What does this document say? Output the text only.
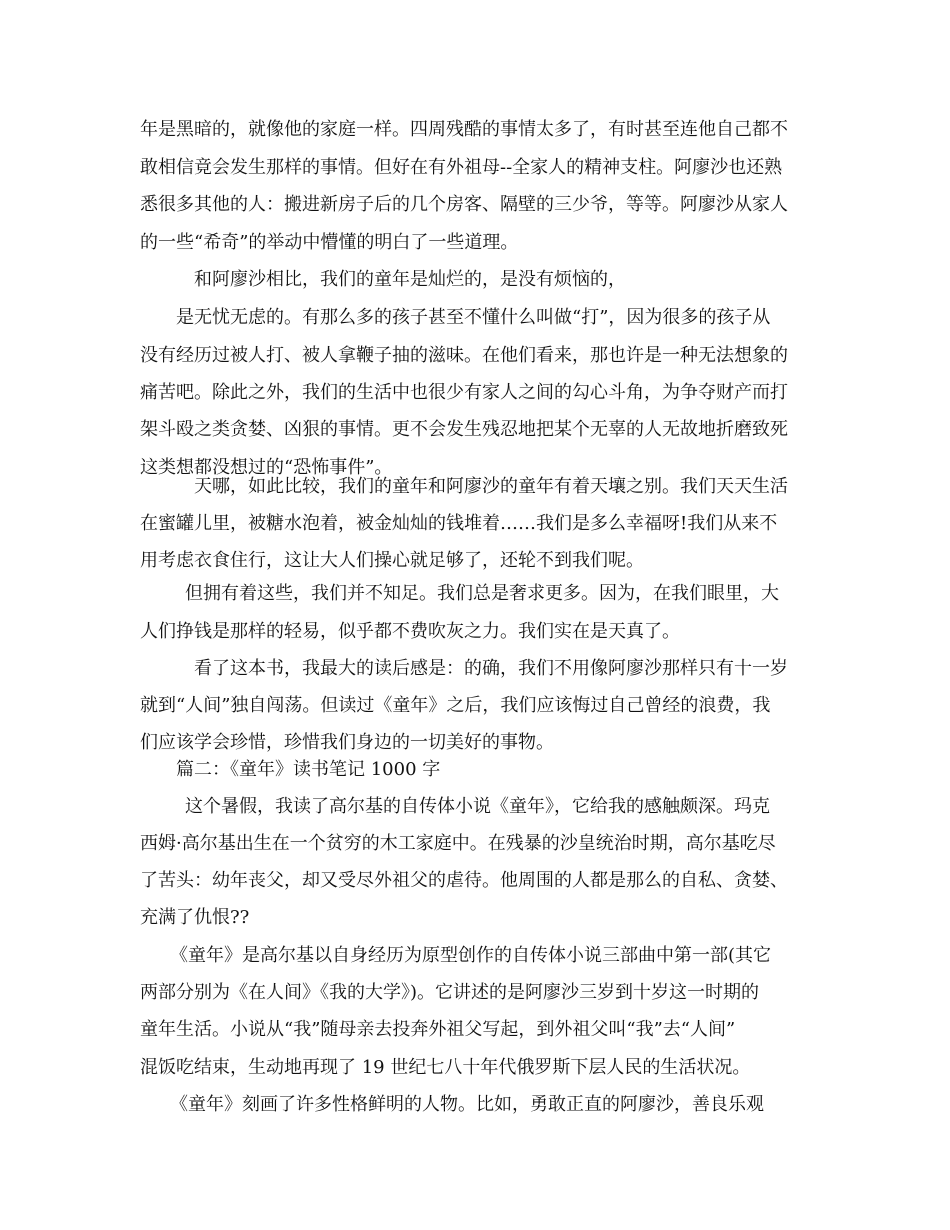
年是黑暗的，就像他的家庭一样。四周残酷的事情太多了，有时甚至连他自己都不
敢相信竟会发生那样的事情。但好在有外祖母--全家人的精神支柱。阿廖沙也还熟
悉很多其他的人：搬进新房子后的几个房客、隔壁的三少爷，等等。阿廖沙从家人
的一些“希奇”的举动中懵懂的明白了一些道理。
和阿廖沙相比，我们的童年是灿烂的，是没有烦恼的，
是无忧无虑的。有那么多的孩子甚至不懂什么叫做“打”，因为很多的孩子从
没有经历过被人打、被人拿鞭子抽的滋味。在他们看来，那也许是一种无法想象的
痛苦吧。除此之外，我们的生活中也很少有家人之间的勾心斗角，为争夺财产而打
架斗殴之类贪婪、凶狠的事情。更不会发生残忍地把某个无辜的人无故地折磨致死
这类想都没想过的“恐怖事件”。
天哪，如此比较，我们的童年和阿廖沙的童年有着天壤之别。我们天天生活
在蜜罐儿里，被糖水泡着，被金灿灿的钱堆着……我们是多么幸福呀!我们从来不
用考虑衣食住行，这让大人们操心就足够了，还轮不到我们呢。
但拥有着这些，我们并不知足。我们总是奢求更多。因为，在我们眼里，大
人们挣钱是那样的轻易，似乎都不费吹灰之力。我们实在是天真了。
看了这本书，我最大的读后感是：的确，我们不用像阿廖沙那样只有十一岁
就到“人间”独自闯荡。但读过《童年》之后，我们应该悔过自己曾经的浪费，我
们应该学会珍惜，珍惜我们身边的一切美好的事物。
篇二：《童年》读书笔记 1000 字
这个暑假，我读了高尔基的自传体小说《童年》，它给我的感触颇深。玛克
西姆·高尔基出生在一个贫穷的木工家庭中。在残暴的沙皇统治时期，高尔基吃尽
了苦头：幼年丧父，却又受尽外祖父的虐待。他周围的人都是那么的自私、贪婪、
充满了仇恨??
《童年》是高尔基以自身经历为原型创作的自传体小说三部曲中第一部(其它
两部分别为《在人间》《我的大学》)。它讲述的是阿廖沙三岁到十岁这一时期的
童年生活。小说从“我”随母亲去投奔外祖父写起，到外祖父叫“我”去“人间”
混饭吃结束，生动地再现了 19 世纪七八十年代俄罗斯下层人民的生活状况。
《童年》刻画了许多性格鲜明的人物。比如，勇敢正直的阿廖沙，善良乐观
